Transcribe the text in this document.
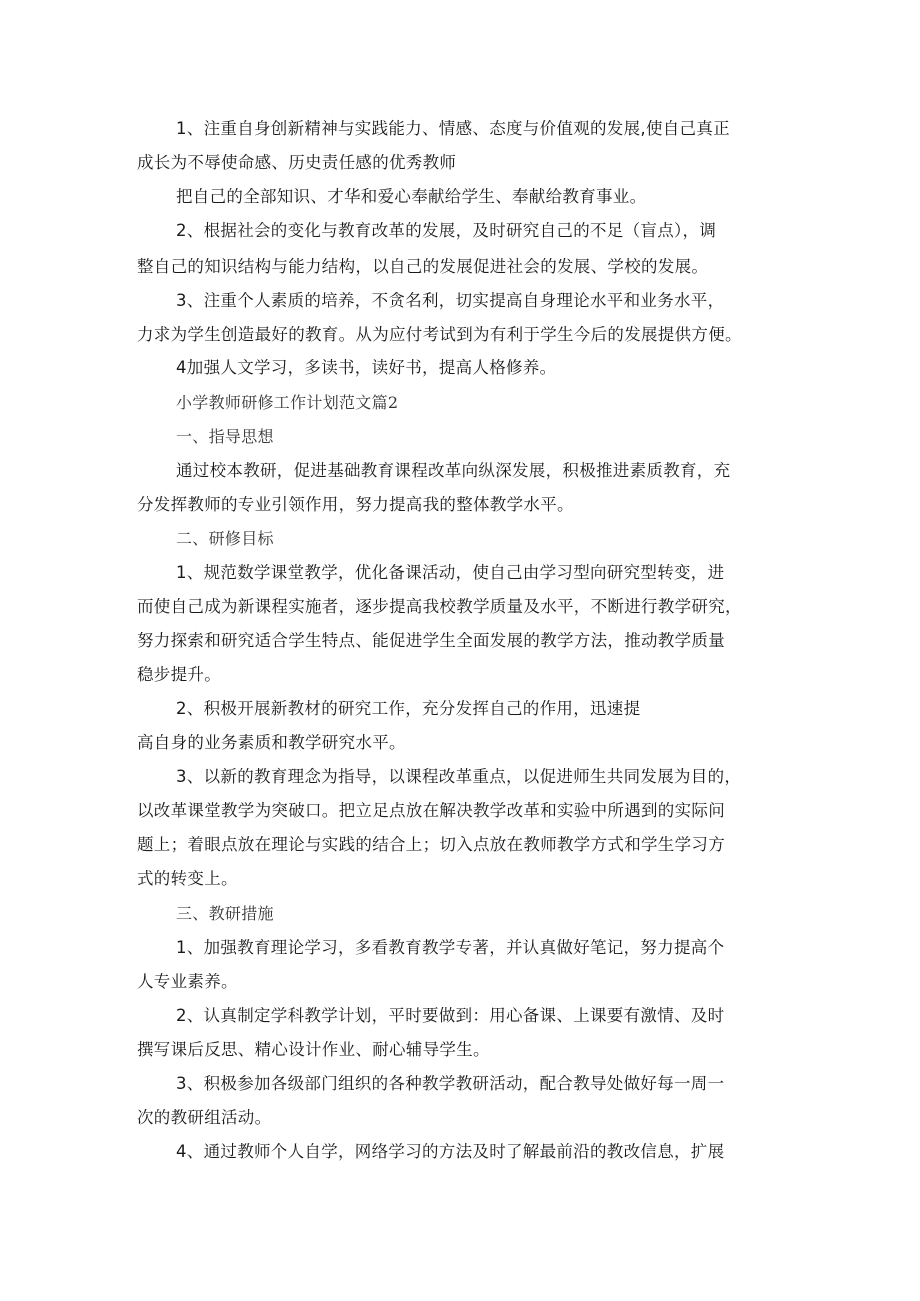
1、注重自身创新精神与实践能力、情感、态度与价值观的发展,使自己真正
成长为不辱使命感、历史责任感的优秀教师
把自己的全部知识、才华和爱心奉献给学生、奉献给教育事业。
2、根据社会的变化与教育改革的发展，及时研究自己的不足（盲点），调
整自己的知识结构与能力结构，以自己的发展促进社会的发展、学校的发展。
3、注重个人素质的培养，不贪名利，切实提高自身理论水平和业务水平，
力求为学生创造最好的教育。从为应付考试到为有利于学生今后的发展提供方便。
4加强人文学习，多读书，读好书，提高人格修养。
小学教师研修工作计划范文篇2
一、指导思想
通过校本教研，促进基础教育课程改革向纵深发展，积极推进素质教育，充
分发挥教师的专业引领作用，努力提高我的整体教学水平。
二、研修目标
1、规范数学课堂教学，优化备课活动，使自己由学习型向研究型转变，进
而使自己成为新课程实施者，逐步提高我校教学质量及水平，不断进行教学研究，
努力探索和研究适合学生特点、能促进学生全面发展的教学方法，推动教学质量
稳步提升。
2、积极开展新教材的研究工作，充分发挥自己的作用，迅速提
高自身的业务素质和教学研究水平。
3、以新的教育理念为指导，以课程改革重点，以促进师生共同发展为目的，
以改革课堂教学为突破口。把立足点放在解决教学改革和实验中所遇到的实际问
题上；着眼点放在理论与实践的结合上；切入点放在教师教学方式和学生学习方
式的转变上。
三、教研措施
1、加强教育理论学习，多看教育教学专著，并认真做好笔记，努力提高个
人专业素养。
2、认真制定学科教学计划，平时要做到：用心备课、上课要有激情、及时
撰写课后反思、精心设计作业、耐心辅导学生。
3、积极参加各级部门组织的各种教学教研活动，配合教导处做好每一周一
次的教研组活动。
4、通过教师个人自学，网络学习的方法及时了解最前沿的教改信息，扩展
